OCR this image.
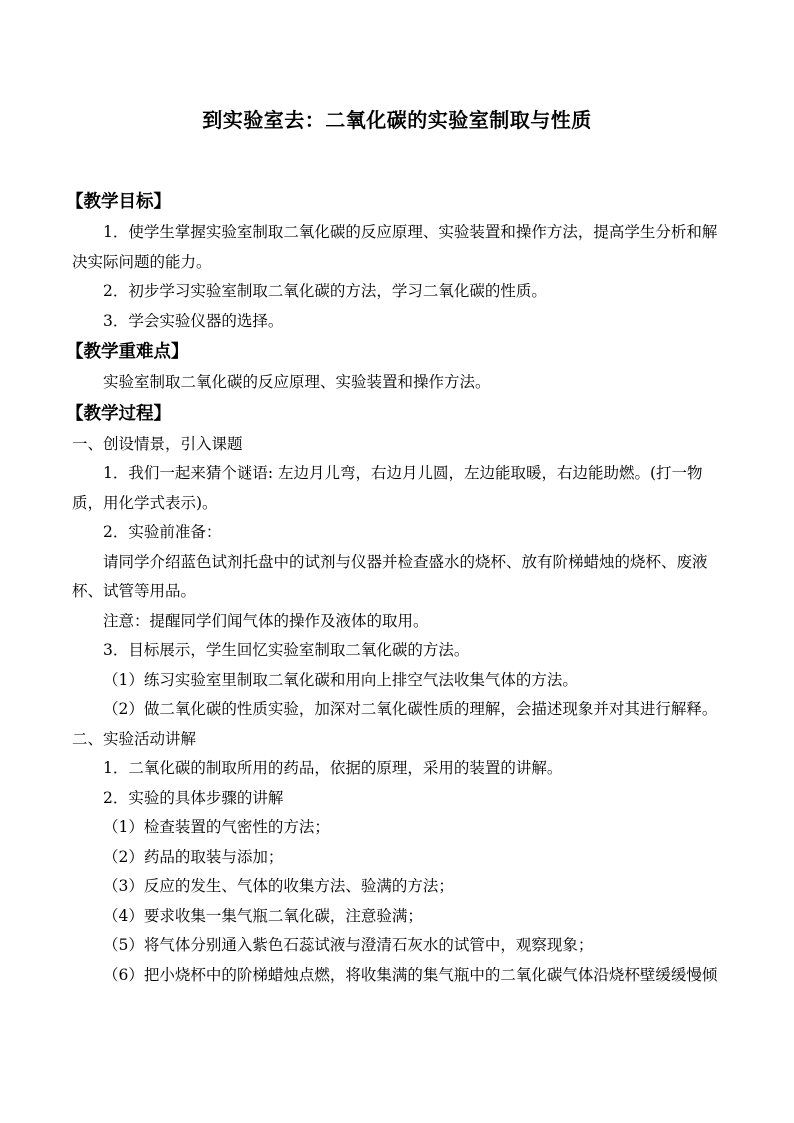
到实验室去：二氧化碳的实验室制取与性质
【教学目标】

1．使学生掌握实验室制取二氧化碳的反应原理、实验装置和操作方法，提高学生分析和解决实际问题的能力。

2．初步学习实验室制取二氧化碳的方法，学习二氧化碳的性质。

3．学会实验仪器的选择。

【教学重难点】

实验室制取二氧化碳的反应原理、实验装置和操作方法。

【教学过程】

一、创设情景，引入课题

1．我们一起来猜个谜语: 左边月儿弯，右边月儿圆，左边能取暖，右边能助燃。(打一物质，用化学式表示)。

2．实验前准备：

请同学介绍蓝色试剂托盘中的试剂与仪器并检查盛水的烧杯、放有阶梯蜡烛的烧杯、废液杯、试管等用品。

注意：提醒同学们闻气体的操作及液体的取用。

3．目标展示，学生回忆实验室制取二氧化碳的方法。

（1）练习实验室里制取二氧化碳和用向上排空气法收集气体的方法。

（2）做二氧化碳的性质实验，加深对二氧化碳性质的理解，会描述现象并对其进行解释。

二、实验活动讲解

1．二氧化碳的制取所用的药品，依据的原理，采用的装置的讲解。

2．实验的具体步骤的讲解

（1）检查装置的气密性的方法；

（2）药品的取装与添加；

（3）反应的发生、气体的收集方法、验满的方法；

（4）要求收集一集气瓶二氧化碳，注意验满；

（5）将气体分别通入紫色石蕊试液与澄清石灰水的试管中，观察现象；

（6）把小烧杯中的阶梯蜡烛点燃，将收集满的集气瓶中的二氧化碳气体沿烧杯壁缓缓慢倾
